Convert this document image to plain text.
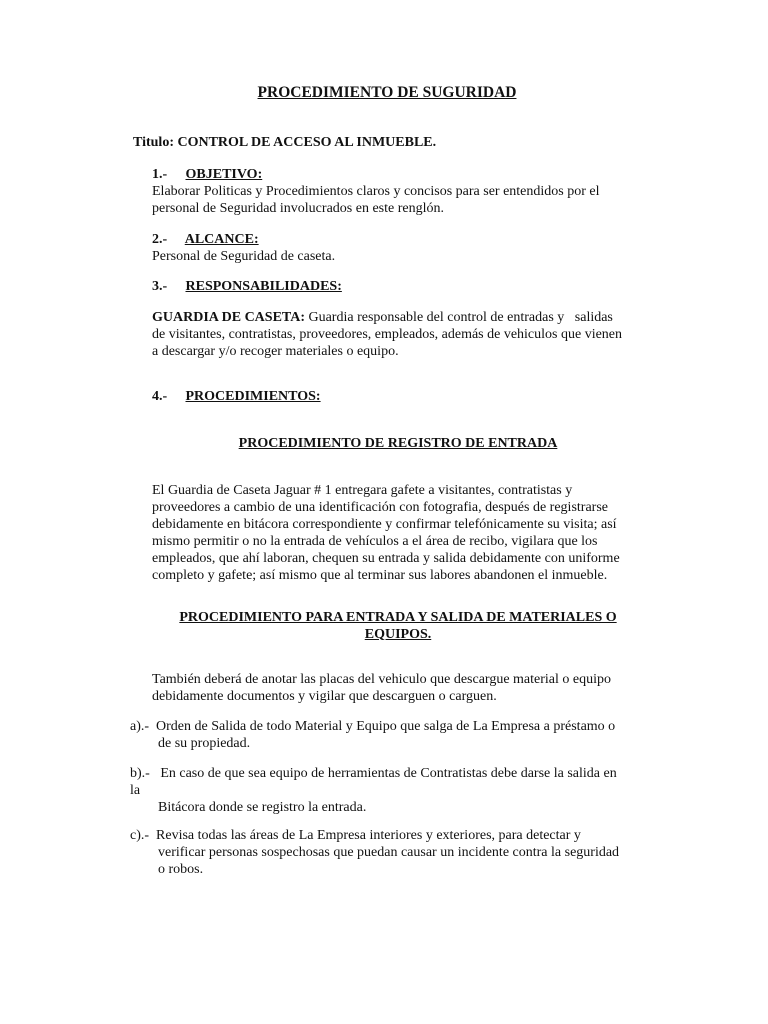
PROCEDIMIENTO DE SUGURIDAD
Titulo: CONTROL DE ACCESO AL INMUEBLE.
1.- OBJETIVO:
Elaborar Politicas y Procedimientos claros y concisos para ser entendidos por el
personal de Seguridad involucrados en este renglón.
2.- ALCANCE:
Personal de Seguridad de caseta.
3.- RESPONSABILIDADES:
GUARDIA DE CASETA: Guardia responsable del control de entradas y   salidas
de visitantes, contratistas, proveedores, empleados, además de vehiculos que vienen
a descargar y/o recoger materiales o equipo.
4.- PROCEDIMIENTOS:
PROCEDIMIENTO DE REGISTRO DE ENTRADA
El Guardia de Caseta Jaguar # 1 entregara gafete a visitantes, contratistas y
proveedores a cambio de una identificación con fotografia, después de registrarse
debidamente en bitácora correspondiente y confirmar telefónicamente su visita; así
mismo permitir o no la entrada de vehículos a el área de recibo, vigilara que los
empleados, que ahí laboran, chequen su entrada y salida debidamente con uniforme
completo y gafete; así mismo que al terminar sus labores abandonen el inmueble.
PROCEDIMIENTO PARA ENTRADA Y SALIDA DE MATERIALES O
EQUIPOS.
También deberá de anotar las placas del vehiculo que descargue material o equipo
debidamente documentos y vigilar que descarguen o carguen.
a).-  Orden de Salida de todo Material y Equipo que salga de La Empresa a préstamo o
de su propiedad.
b).-   En caso de que sea equipo de herramientas de Contratistas debe darse la salida en
la
Bitácora donde se registro la entrada.
c).-  Revisa todas las áreas de La Empresa interiores y exteriores, para detectar y
verificar personas sospechosas que puedan causar un incidente contra la seguridad
o robos.
